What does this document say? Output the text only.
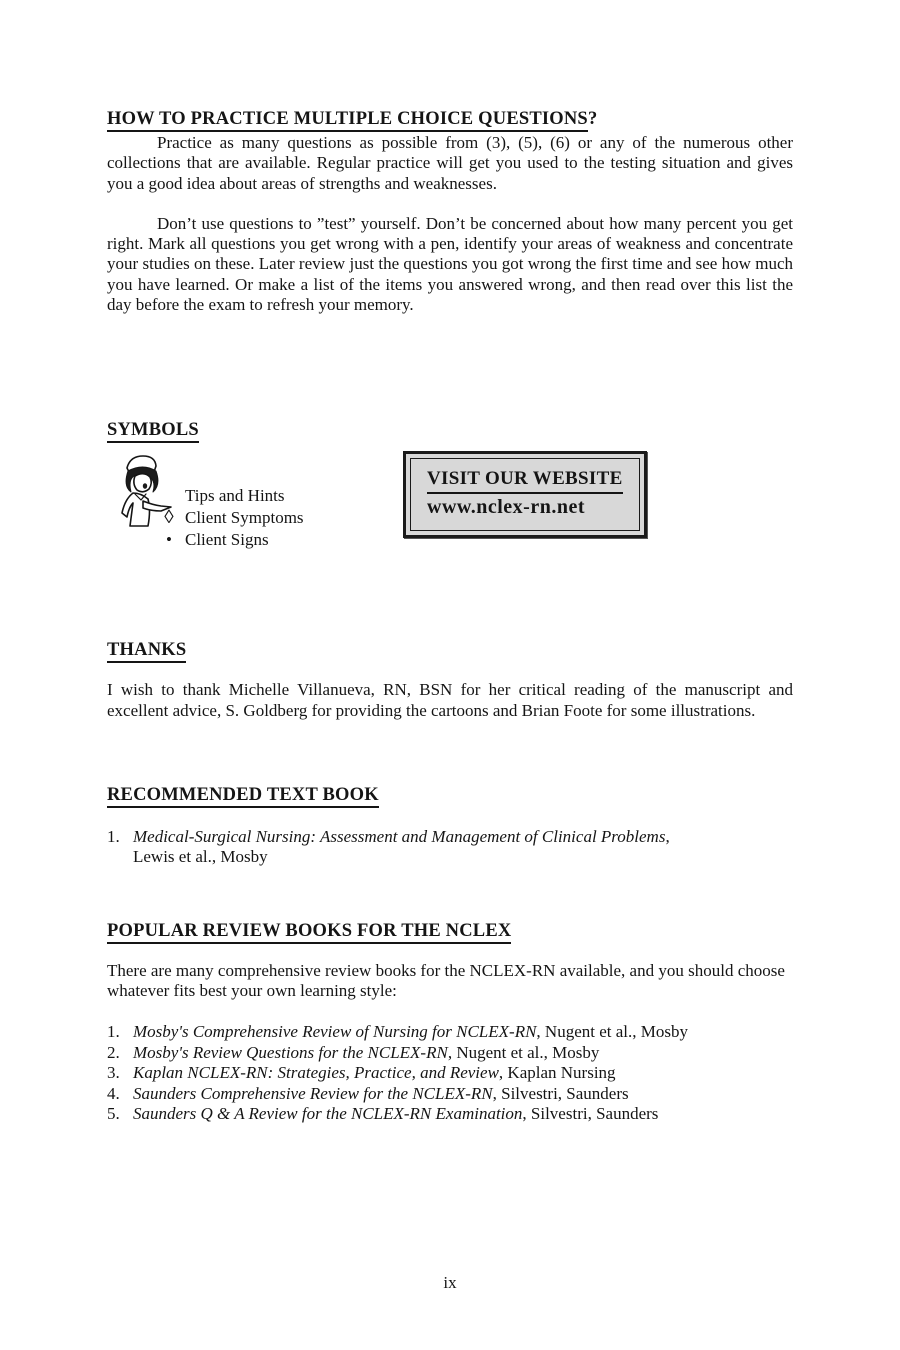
HOW TO PRACTICE MULTIPLE CHOICE QUESTIONS?

Practice as many questions as possible from (3), (5), (6) or any of the numerous other collections that are available. Regular practice will get you used to the testing situation and gives you a good idea about areas of strengths and weaknesses.

Don’t use questions to ”test” yourself. Don’t be concerned about how many percent you get right. Mark all questions you get wrong with a pen, identify your areas of weakness and concentrate your studies on these. Later review just the questions you got wrong the first time and see how much you have learned. Or make a list of the items you answered wrong, and then read over this list the day before the exam to refresh your memory.

SYMBOLS
Tips and Hints
◊ Client Symptoms
• Client Signs
VISIT OUR WEBSITE
www.nclex-rn.net
THANKS

I wish to thank Michelle Villanueva, RN, BSN for her critical reading of the manuscript and excellent advice, S. Goldberg for providing the cartoons and Brian Foote for some illustrations.

RECOMMENDED TEXT BOOK
1. Medical-Surgical Nursing: Assessment and Management of Clinical Problems,
Lewis et al., Mosby
POPULAR REVIEW BOOKS FOR THE NCLEX

There are many comprehensive review books for the NCLEX-RN available, and you should choose whatever fits best your own learning style:

1. Mosby's Comprehensive Review of Nursing for NCLEX-RN, Nugent et al., Mosby
2. Mosby's Review Questions for the NCLEX-RN, Nugent et al., Mosby
3. Kaplan NCLEX-RN: Strategies, Practice, and Review, Kaplan Nursing
4. Saunders Comprehensive Review for the NCLEX-RN, Silvestri, Saunders
5. Saunders Q & A Review for the NCLEX-RN Examination, Silvestri, Saunders
ix
